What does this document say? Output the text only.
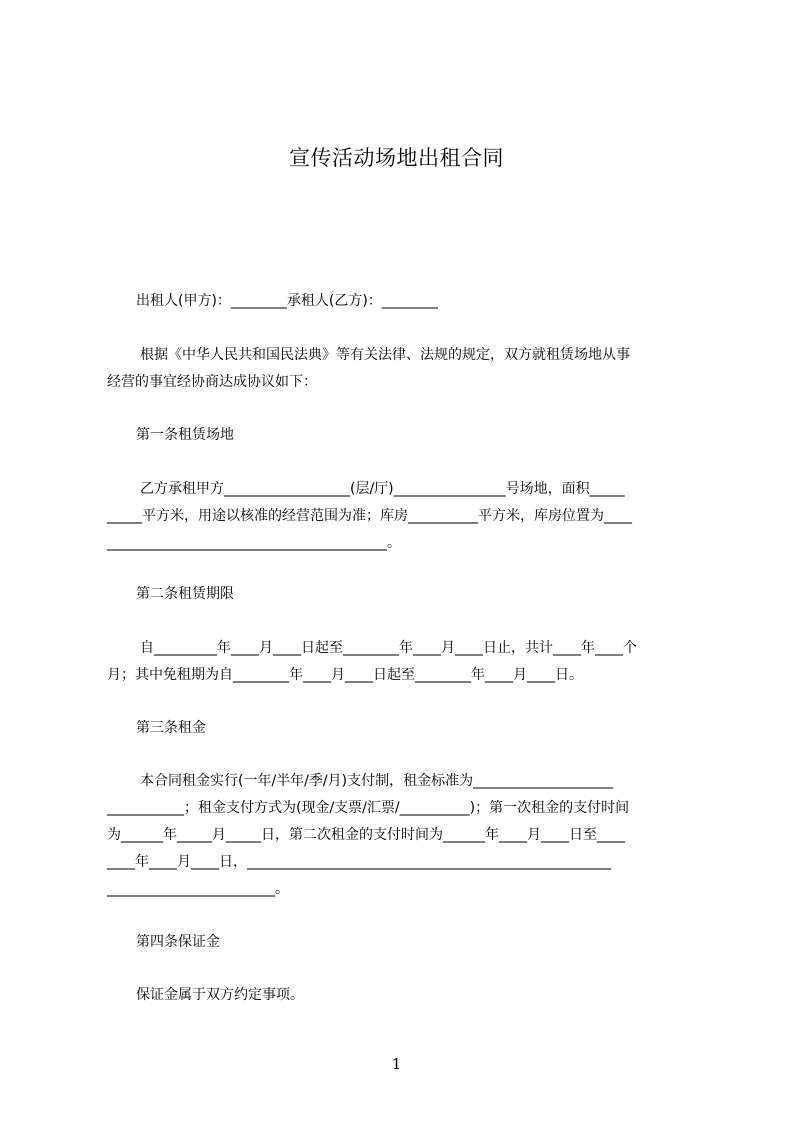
宣传活动场地出租合同
出租人(甲方)：________承租人(乙方)：________
根据《中华人民共和国民法典》等有关法律、法规的规定，双方就租赁场地从事
经营的事宜经协商达成协议如下：
第一条租赁场地
乙方承租甲方__________________(层/厅)________________号场地，面积_____
_____平方米，用途以核准的经营范围为准；库房__________平方米，库房位置为____
________________________________________。
第二条租赁期限
自_________年____月____日起至________年____月____日止，共计____年____个
月；其中免租期为自________年____月____日起至________年____月____日。
第三条租金
本合同租金实行(一年/半年/季/月)支付制，租金标准为____________________
___________；租金支付方式为(现金/支票/汇票/__________)；第一次租金的支付时间
为______年_____月_____日，第二次租金的支付时间为______年____月____日至____
____年____月____日，____________________________________________________
________________________。
第四条保证金
保证金属于双方约定事项。
1
